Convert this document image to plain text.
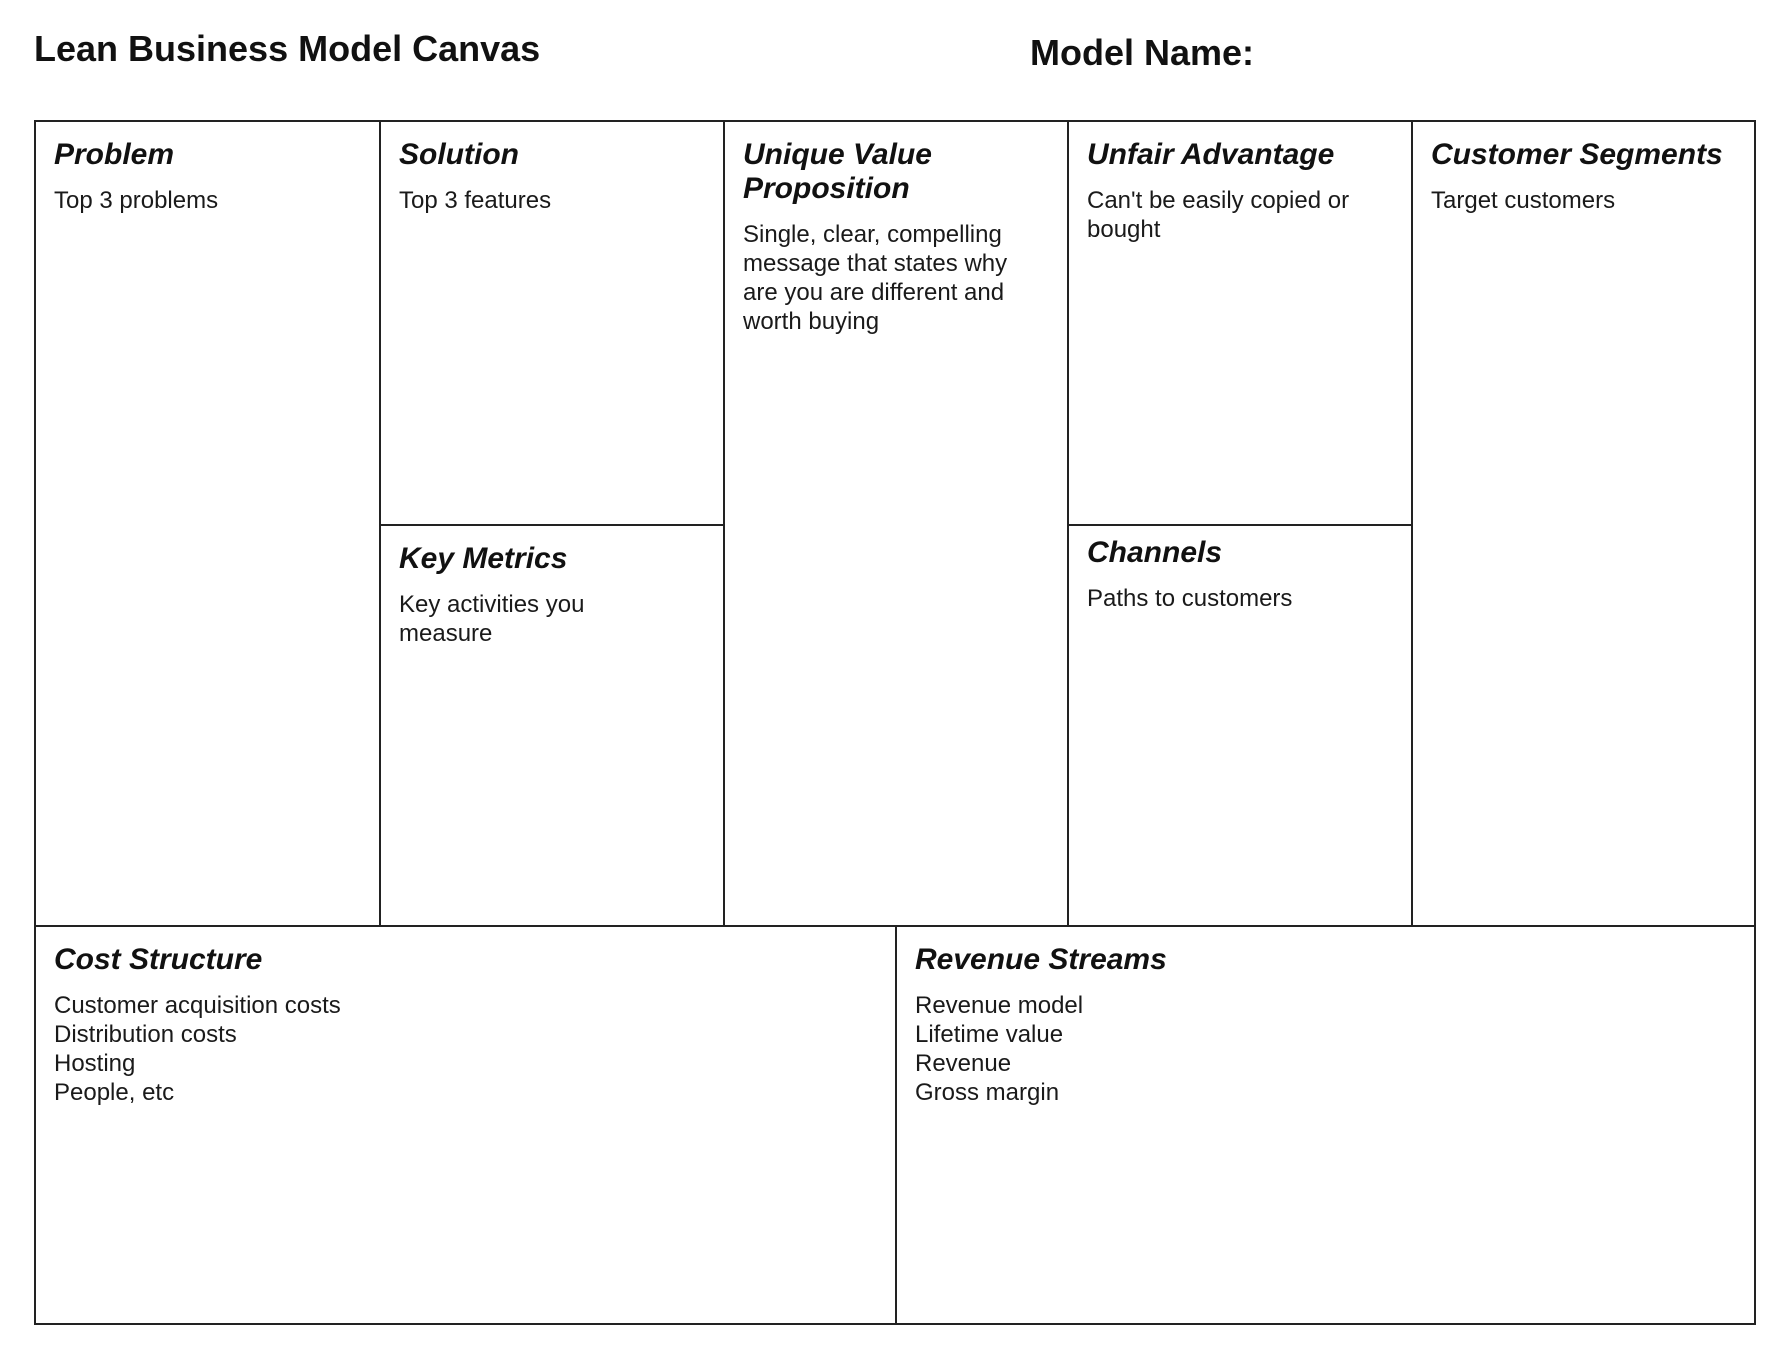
Lean Business Model Canvas	Model Name:
Problem

Top 3 problems

Solution

Top 3 features

Key Metrics

Key activities you measure

Unique Value Proposition

Single, clear, compelling message that states why are you are different and worth buying

Unfair Advantage

Can't be easily copied or bought

Channels

Paths to customers

Customer Segments

Target customers

Cost Structure
Customer acquisition costs
Distribution costs
Hosting
People, etc
Revenue Streams
Revenue model
Lifetime value
Revenue
Gross margin
